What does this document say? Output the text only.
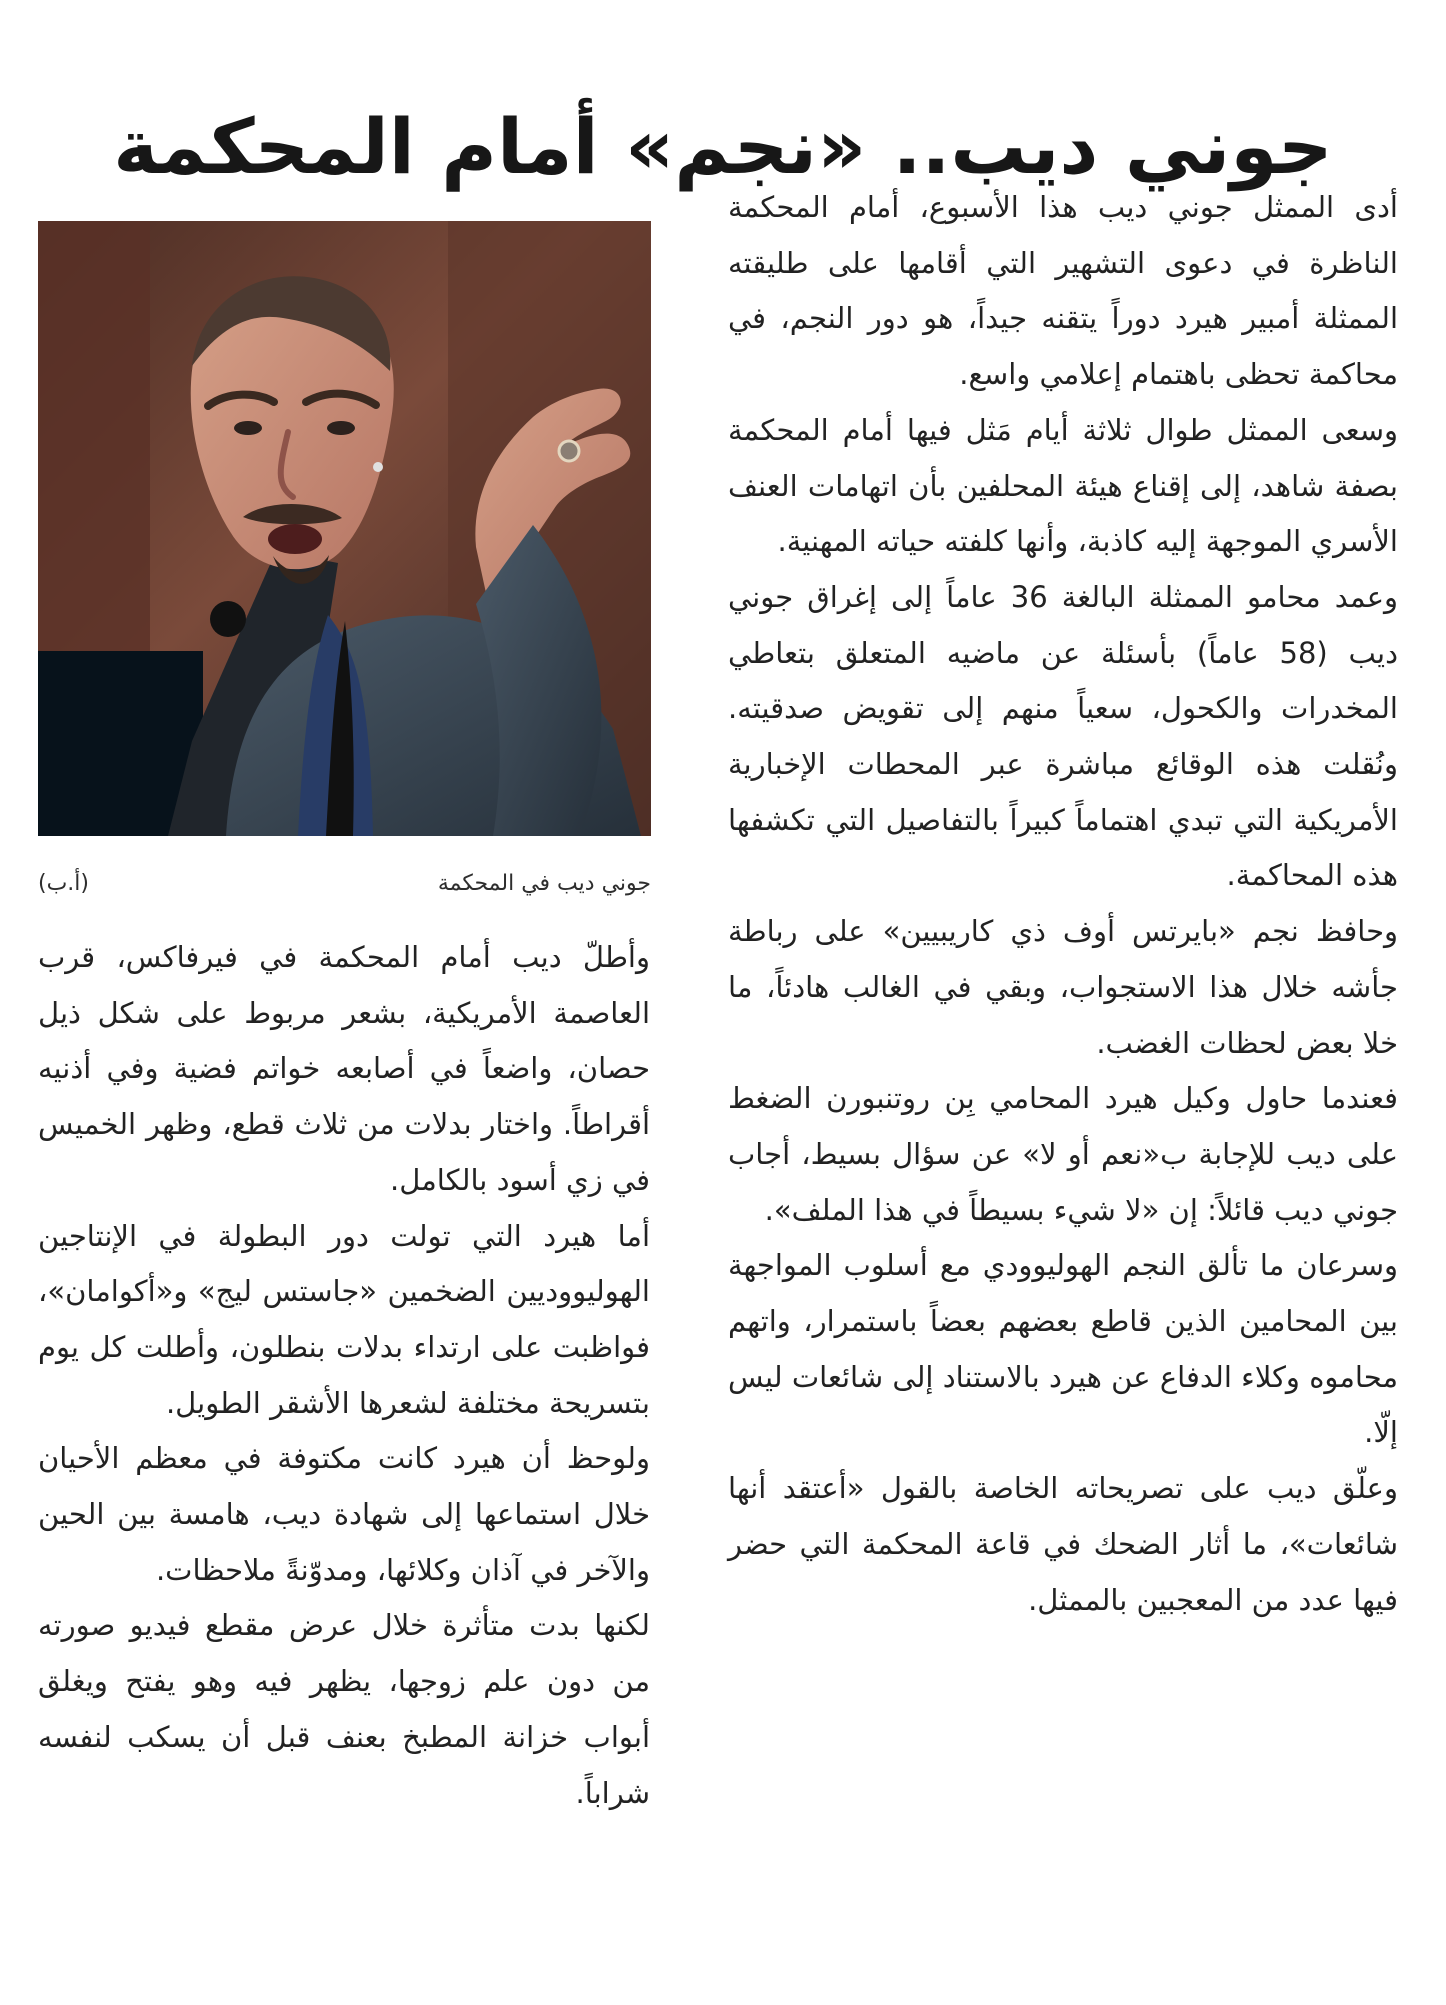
جوني ديب.. «نجم» أمام المحكمة
جوني ديب في المحكمة
(أ.ب)

أدى الممثل جوني ديب هذا الأسبوع، أمام المحكمة الناظرة في دعوى التشهير التي أقامها على طليقته الممثلة أمبير هيرد دوراً يتقنه جيداً، هو دور النجم، في محاكمة تحظى باهتمام إعلامي واسع.

وسعى الممثل طوال ثلاثة أيام مَثل فيها أمام المحكمة بصفة شاهد، إلى إقناع هيئة المحلفين بأن اتهامات العنف الأسري الموجهة إليه كاذبة، وأنها كلفته حياته المهنية.

وعمد محامو الممثلة البالغة 36 عاماً إلى إغراق جوني ديب (58 عاماً) بأسئلة عن ماضيه المتعلق بتعاطي المخدرات والكحول، سعياً منهم إلى تقويض صدقيته. ونُقلت هذه الوقائع مباشرة عبر المحطات الإخبارية الأمريكية التي تبدي اهتماماً كبيراً بالتفاصيل التي تكشفها هذه المحاكمة.

وحافظ نجم «بايرتس أوف ذي كاريبيين» على رباطة جأشه خلال هذا الاستجواب، وبقي في الغالب هادئاً، ما خلا بعض لحظات الغضب.

فعندما حاول وكيل هيرد المحامي بِن روتنبورن الضغط على ديب للإجابة ب«نعم أو لا» عن سؤال بسيط، أجاب جوني ديب قائلاً: إن «لا شيء بسيطاً في هذا الملف».

وسرعان ما تألق النجم الهوليوودي مع أسلوب المواجهة بين المحامين الذين قاطع بعضهم بعضاً باستمرار، واتهم محاموه وكلاء الدفاع عن هيرد بالاستناد إلى شائعات ليس إلّا.

وعلّق ديب على تصريحاته الخاصة بالقول «أعتقد أنها شائعات»، ما أثار الضحك في قاعة المحكمة التي حضر فيها عدد من المعجبين بالممثل.

وأطلّ ديب أمام المحكمة في فيرفاكس، قرب العاصمة الأمريكية، بشعر مربوط على شكل ذيل حصان، واضعاً في أصابعه خواتم فضية وفي أذنيه أقراطاً. واختار بدلات من ثلاث قطع، وظهر الخميس في زي أسود بالكامل.

أما هيرد التي تولت دور البطولة في الإنتاجين الهوليووديين الضخمين «جاستس ليج» و«أكوامان»، فواظبت على ارتداء بدلات بنطلون، وأطلت كل يوم بتسريحة مختلفة لشعرها الأشقر الطويل.

ولوحظ أن هيرد كانت مكتوفة في معظم الأحيان خلال استماعها إلى شهادة ديب، هامسة بين الحين والآخر في آذان وكلائها، ومدوّنةً ملاحظات.

لكنها بدت متأثرة خلال عرض مقطع فيديو صورته من دون علم زوجها، يظهر فيه وهو يفتح ويغلق أبواب خزانة المطبخ بعنف قبل أن يسكب لنفسه شراباً.
